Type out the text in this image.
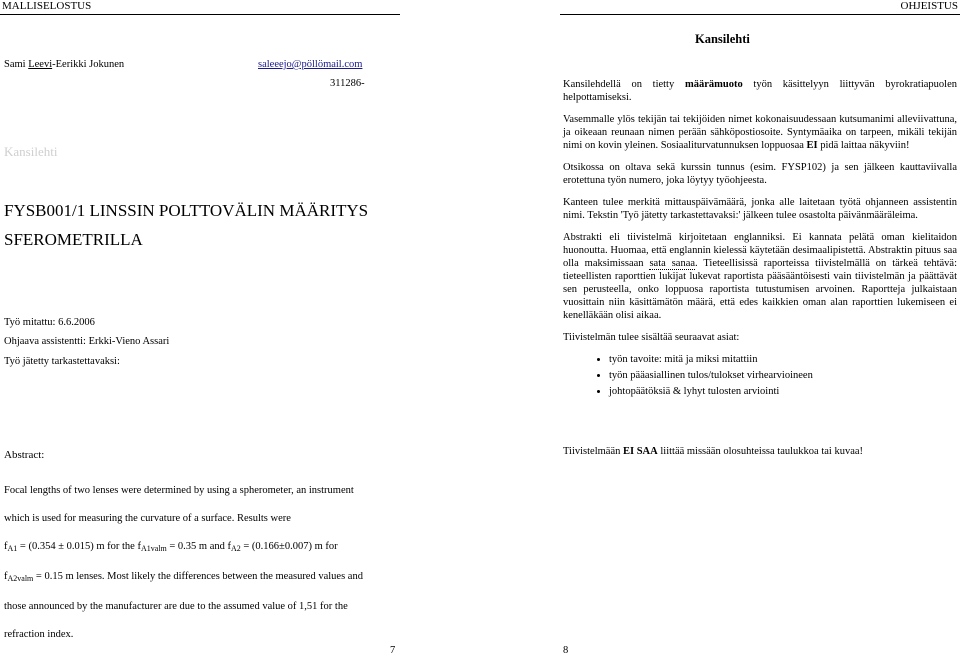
MALLISELOSTUS	OHJEISTUS
Sami Leevi-Eerikki Jokunen	saleeejo@pöllömail.com
311286-
Kansilehti
FYSB001/1 LINSSIN POLTTOVÄLIN MÄÄRITYS
SFEROMETRILLA
Työ mitattu: 6.6.2006
Ohjaava assistentti: Erkki-Vieno Assari
Työ jätetty tarkastettavaksi:
Kansilehti

Kansilehdellä on tietty määrämuoto työn käsittelyyn liittyvän byrokratiapuolen helpottamiseksi.

Vasemmalle ylös tekijän tai tekijöiden nimet kokonaisuudessaan kutsumanimi alleviivattuna, ja oikeaan reunaan nimen perään sähköpostiosoite. Syntymäaika on tarpeen, mikäli tekijän nimi on kovin yleinen. Sosiaaliturvatunnuksen loppuosaa EI pidä laittaa näkyviin!

Otsikossa on oltava sekä kurssin tunnus (esim. FYSP102) ja sen jälkeen kauttaviivalla erotettuna työn numero, joka löytyy työohjeesta.

Kanteen tulee merkitä mittauspäivämäärä, jonka alle laitetaan työtä ohjanneen assistentin nimi. Tekstin 'Työ jätetty tarkastettavaksi:' jälkeen tulee osastolta päivänmääräleima.

Abstrakti eli tiivistelmä kirjoitetaan englanniksi. Ei kannata pelätä oman kielitaidon huonoutta. Huomaa, että englannin kielessä käytetään desimaalipistettä. Abstraktin pituus saa olla maksimissaan sata sanaa. Tieteellisissä raporteissa tiivistelmällä on tärkeä tehtävä: tieteellisten raporttien lukijat lukevat raportista pääsääntöisesti vain tiivistelmän ja päättävät sen perusteella, onko loppuosa raportista tutustumisen arvoinen. Raportteja julkaistaan vuosittain niin käsittämätön määrä, että edes kaikkien oman alan raporttien lukemiseen ei kenelläkään olisi aikaa.

Tiivistelmän tulee sisältää seuraavat asiat:

• työn tavoite: mitä ja miksi mitattiin
• työn pääasiallinen tulos/tulokset virhearvioineen
• johtopäätöksiä & lyhyt tulosten arviointi
Tiivistelmään EI SAA liittää missään olosuhteissa taulukkoa tai kuvaa!
Abstract:
Focal lengths of two lenses were determined by using a spherometer, an instrument
which is used for measuring the curvature of a surface. Results were
$f_{A1} = (0.354 \pm 0.015)$ m for the $f_{A1valm} = 0.35$ m and $f_{A2} = (0.166\pm 0.007)$ m for
$f_{A2valm} = 0.15$ m lenses. Most likely the differences between the measured values and
those announced by the manufacturer are due to the assumed value of 1,51 for the
refraction index.
7	8
